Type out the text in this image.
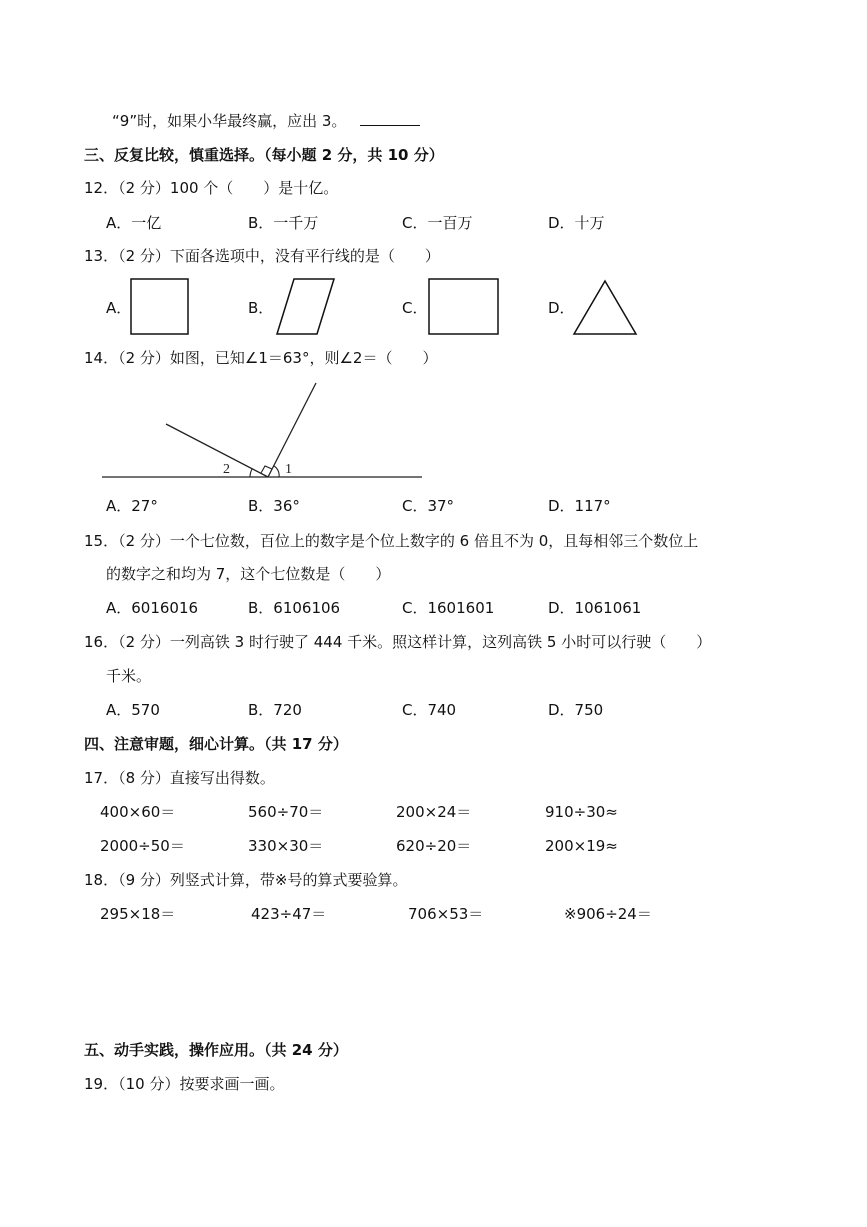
“9”时，如果小华最终赢，应出 3。
三、反复比较，慎重选择。（每小题 2 分，共 10 分）
12．（2 分）100 个（　　）是十亿。
A．一亿	B．一千万	C．一百万	D．十万
13．（2 分）下面各选项中，没有平行线的是（　　）
A．	B．	C．	D．
14．（2 分）如图，已知∠1＝63°，则∠2＝（　　）
2	1
A．27°	B．36°	C．37°	D．117°
15．（2 分）一个七位数，百位上的数字是个位上数字的 6 倍且不为 0，且每相邻三个数位上
的数字之和均为 7，这个七位数是（　　）
A．6016016	B．6106106	C．1601601	D．1061061
16．（2 分）一列高铁 3 时行驶了 444 千米。照这样计算，这列高铁 5 小时可以行驶（　　）
千米。
A．570	B．720	C．740	D．750
四、注意审题，细心计算。（共 17 分）
17．（8 分）直接写出得数。
400×60＝	560÷70＝	200×24＝	910÷30≈
2000÷50＝	330×30＝	620÷20＝	200×19≈
18．（9 分）列竖式计算，带※号的算式要验算。
295×18＝	423÷47＝	706×53＝	※906÷24＝
五、动手实践，操作应用。（共 24 分）
19．（10 分）按要求画一画。
